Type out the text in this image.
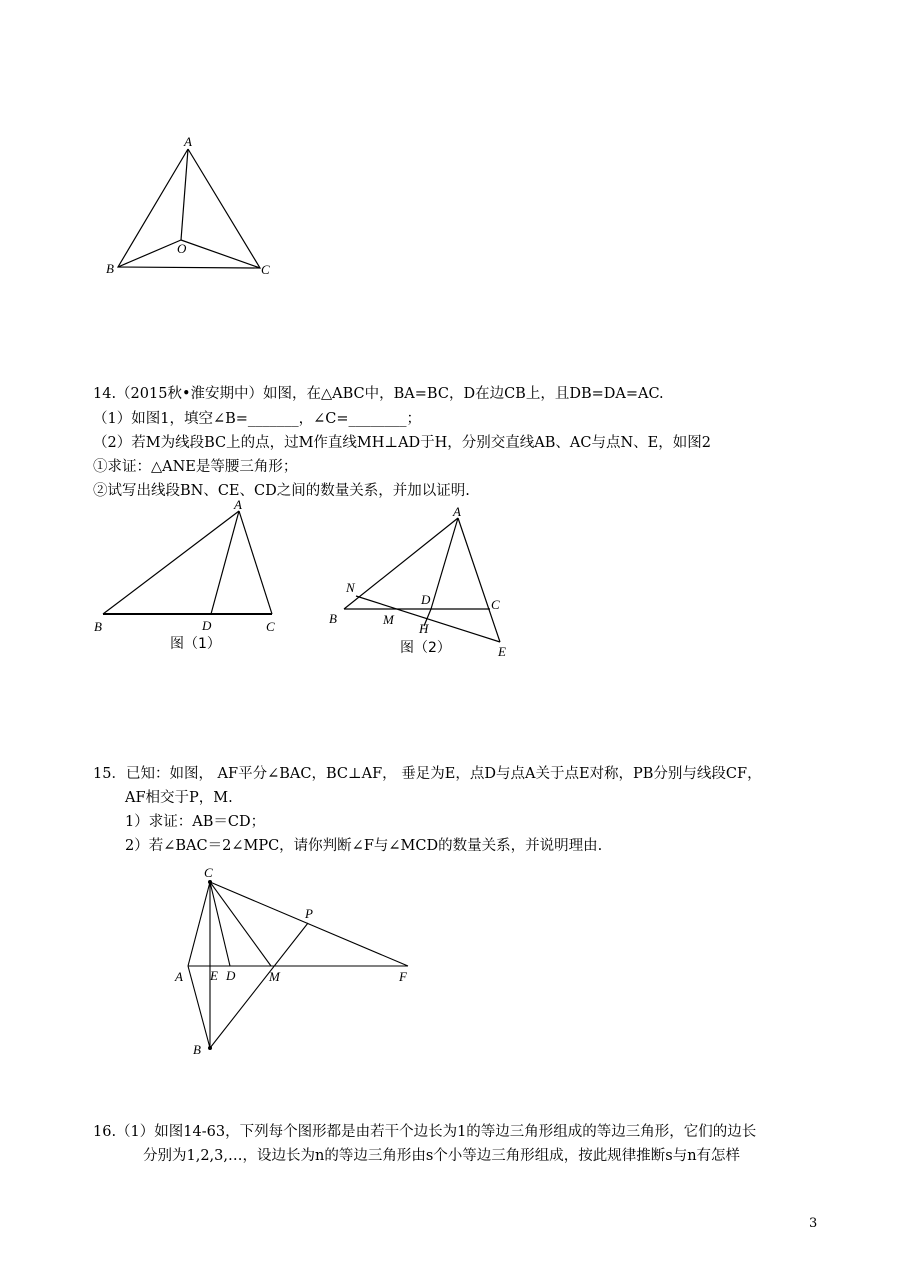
A
B	C
O
14.（2015秋•淮安期中）如图，在△ABC中，BA=BC，D在边CB上，且DB=DA=AC.
（1）如图1，填空∠B=_______，∠C=________；
（2）若M为线段BC上的点，过M作直线MH⊥AD于H，分别交直线AB、AC与点N、E，如图2
①求证：△ANE是等腰三角形；
②试写出线段BN、CE、CD之间的数量关系，并加以证明.
A
B	D	C
图（1）
A
N
D	C
B	M
H
E
图（2）
15．已知：如图， AF平分∠BAC，BC⊥AF， 垂足为E，点D与点A关于点E对称，PB分别与线段CF，
AF相交于P，M.
1）求证：AB＝CD；
2）若∠BAC＝2∠MPC，请你判断∠F与∠MCD的数量关系，并说明理由.
C
P
A E D	M	F
B
16.（1）如图14-63，下列每个图形都是由若干个边长为1的等边三角形组成的等边三角形，它们的边长
分别为1,2,3,…，设边长为n的等边三角形由s个小等边三角形组成，按此规律推断s与n有怎样
3
